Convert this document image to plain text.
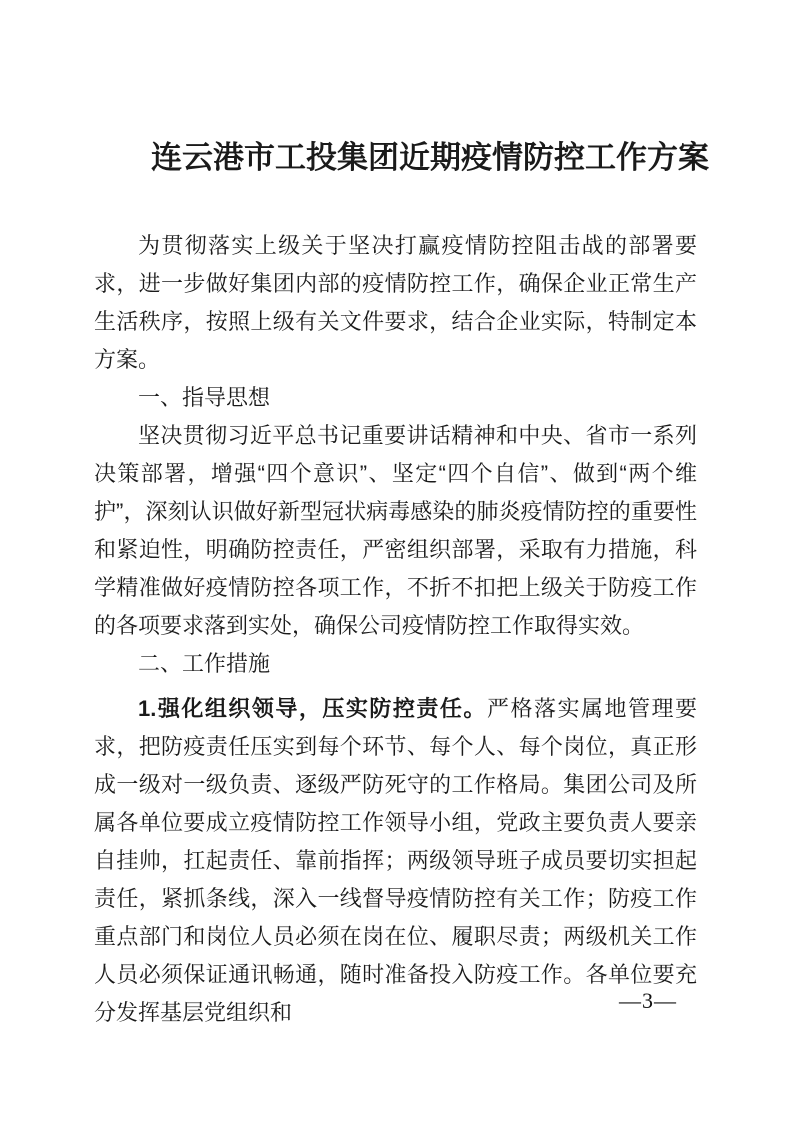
连云港市工投集团近期疫情防控工作方案

为贯彻落实上级关于坚决打赢疫情防控阻击战的部署要求，进一步做好集团内部的疫情防控工作，确保企业正常生产生活秩序，按照上级有关文件要求，结合企业实际，特制定本方案。

一、指导思想

坚决贯彻习近平总书记重要讲话精神和中央、省市一系列决策部署，增强“四个意识”、坚定“四个自信”、做到“两个维护”，深刻认识做好新型冠状病毒感染的肺炎疫情防控的重要性和紧迫性，明确防控责任，严密组织部署，采取有力措施，科学精准做好疫情防控各项工作，不折不扣把上级关于防疫工作的各项要求落到实处，确保公司疫情防控工作取得实效。

二、工作措施

1.强化组织领导，压实防控责任。严格落实属地管理要求，把防疫责任压实到每个环节、每个人、每个岗位，真正形成一级对一级负责、逐级严防死守的工作格局。集团公司及所属各单位要成立疫情防控工作领导小组，党政主要负责人要亲自挂帅，扛起责任、靠前指挥；两级领导班子成员要切实担起责任，紧抓条线，深入一线督导疫情防控有关工作；防疫工作重点部门和岗位人员必须在岗在位、履职尽责；两级机关工作人员必须保证通讯畅通，随时准备投入防疫工作。各单位要充分发挥基层党组织和	—3—
